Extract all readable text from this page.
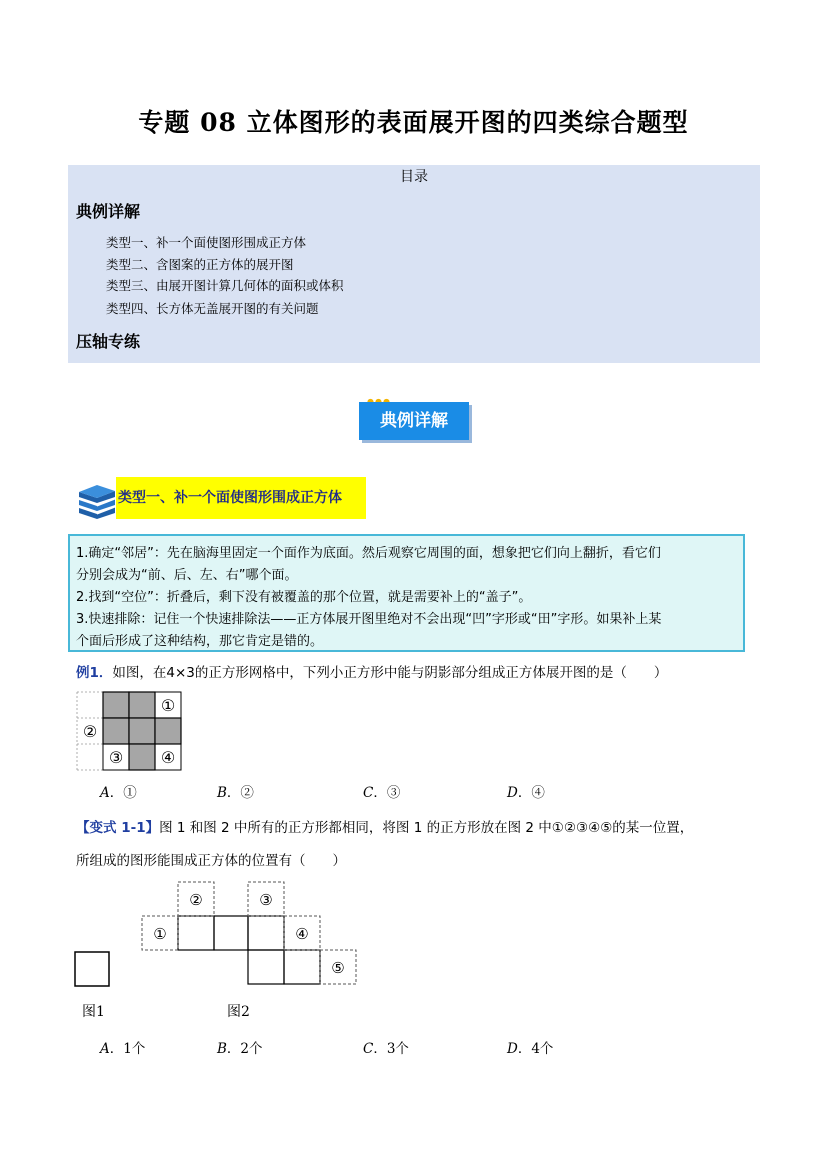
专题 08 立体图形的表面展开图的四类综合题型
目录
典例详解
类型一、补一个面使图形围成正方体
类型二、含图案的正方体的展开图
类型三、由展开图计算几何体的面积或体积
类型四、长方体无盖展开图的有关问题
压轴专练
典例详解
类型一、补一个面使图形围成正方体
1.确定“邻居”：先在脑海里固定一个面作为底面。然后观察它周围的面，想象把它们向上翻折，看它们
分别会成为“前、后、左、右”哪个面。
2.找到“空位”：折叠后，剩下没有被覆盖的那个位置，就是需要补上的“盖子”。
3.快速排除：记住一个快速排除法——正方体展开图里绝对不会出现“凹”字形或“田”字形。如果补上某
个面后形成了这种结构，那它肯定是错的。
例1．如图，在4×3的正方形网格中，下列小正方形中能与阴影部分组成正方体展开图的是（　　）
①
②
③ ④
A．①	B．②	C．③	D．④
【变式 1-1】图 1 和图 2 中所有的正方形都相同，将图 1 的正方形放在图 2 中①②③④⑤的某一位置，
所组成的图形能围成正方体的位置有（　　）
①
②	③
④
⑤
图1	图2
A．1个	B．2个	C．3个	D．4个
